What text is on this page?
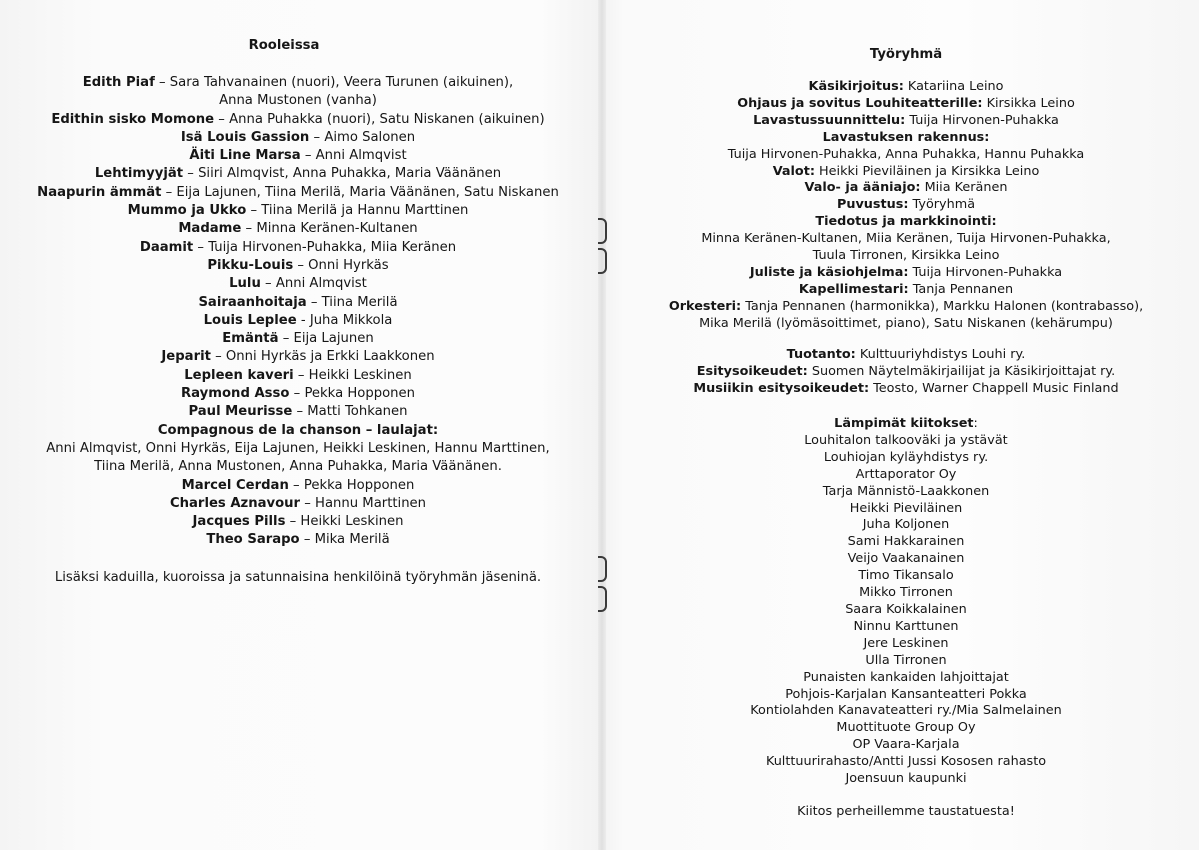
Rooleissa
Edith Piaf – Sara Tahvanainen (nuori), Veera Turunen (aikuinen),
Anna Mustonen (vanha)
Edithin sisko Momone – Anna Puhakka (nuori), Satu Niskanen (aikuinen)
Isä Louis Gassion – Aimo Salonen
Äiti Line Marsa – Anni Almqvist
Lehtimyyjät – Siiri Almqvist, Anna Puhakka, Maria Väänänen
Naapurin ämmät – Eija Lajunen, Tiina Merilä, Maria Väänänen, Satu Niskanen
Mummo ja Ukko – Tiina Merilä ja Hannu Marttinen
Madame – Minna Keränen-Kultanen
Daamit – Tuija Hirvonen-Puhakka, Miia Keränen
Pikku-Louis – Onni Hyrkäs
Lulu – Anni Almqvist
Sairaanhoitaja – Tiina Merilä
Louis Leplee - Juha Mikkola
Emäntä – Eija Lajunen
Jeparit – Onni Hyrkäs ja Erkki Laakkonen
Lepleen kaveri – Heikki Leskinen
Raymond Asso – Pekka Hopponen
Paul Meurisse – Matti Tohkanen
Compagnous de la chanson – laulajat:
Anni Almqvist, Onni Hyrkäs, Eija Lajunen, Heikki Leskinen, Hannu Marttinen,
Tiina Merilä, Anna Mustonen, Anna Puhakka, Maria Väänänen.
Marcel Cerdan – Pekka Hopponen
Charles Aznavour – Hannu Marttinen
Jacques Pills – Heikki Leskinen
Theo Sarapo – Mika Merilä
Lisäksi kaduilla, kuoroissa ja satunnaisina henkilöinä työryhmän jäseninä.
Työryhmä
Käsikirjoitus: Katariina Leino
Ohjaus ja sovitus Louhiteatterille: Kirsikka Leino
Lavastussuunnittelu: Tuija Hirvonen-Puhakka
Lavastuksen rakennus:
Tuija Hirvonen-Puhakka, Anna Puhakka, Hannu Puhakka
Valot: Heikki Pieviläinen ja Kirsikka Leino
Valo- ja ääniajo: Miia Keränen
Puvustus: Työryhmä
Tiedotus ja markkinointi:
Minna Keränen-Kultanen, Miia Keränen, Tuija Hirvonen-Puhakka,
Tuula Tirronen, Kirsikka Leino
Juliste ja käsiohjelma: Tuija Hirvonen-Puhakka
Kapellimestari: Tanja Pennanen
Orkesteri: Tanja Pennanen (harmonikka), Markku Halonen (kontrabasso),
Mika Merilä (lyömäsoittimet, piano), Satu Niskanen (kehärumpu)
Tuotanto: Kulttuuriyhdistys Louhi ry.
Esitysoikeudet: Suomen Näytelmäkirjailijat ja Käsikirjoittajat ry.
Musiikin esitysoikeudet: Teosto, Warner Chappell Music Finland
Lämpimät kiitokset:
Louhitalon talkooväki ja ystävät
Louhiojan kyläyhdistys ry.
Arttaporator Oy
Tarja Männistö-Laakkonen
Heikki Pieviläinen
Juha Koljonen
Sami Hakkarainen
Veijo Vaakanainen
Timo Tikansalo
Mikko Tirronen
Saara Koikkalainen
Ninnu Karttunen
Jere Leskinen
Ulla Tirronen
Punaisten kankaiden lahjoittajat
Pohjois-Karjalan Kansanteatteri Pokka
Kontiolahden Kanavateatteri ry./Mia Salmelainen
Muottituote Group Oy
OP Vaara-Karjala
Kulttuurirahasto/Antti Jussi Kososen rahasto
Joensuun kaupunki
Kiitos perheillemme taustatuesta!
